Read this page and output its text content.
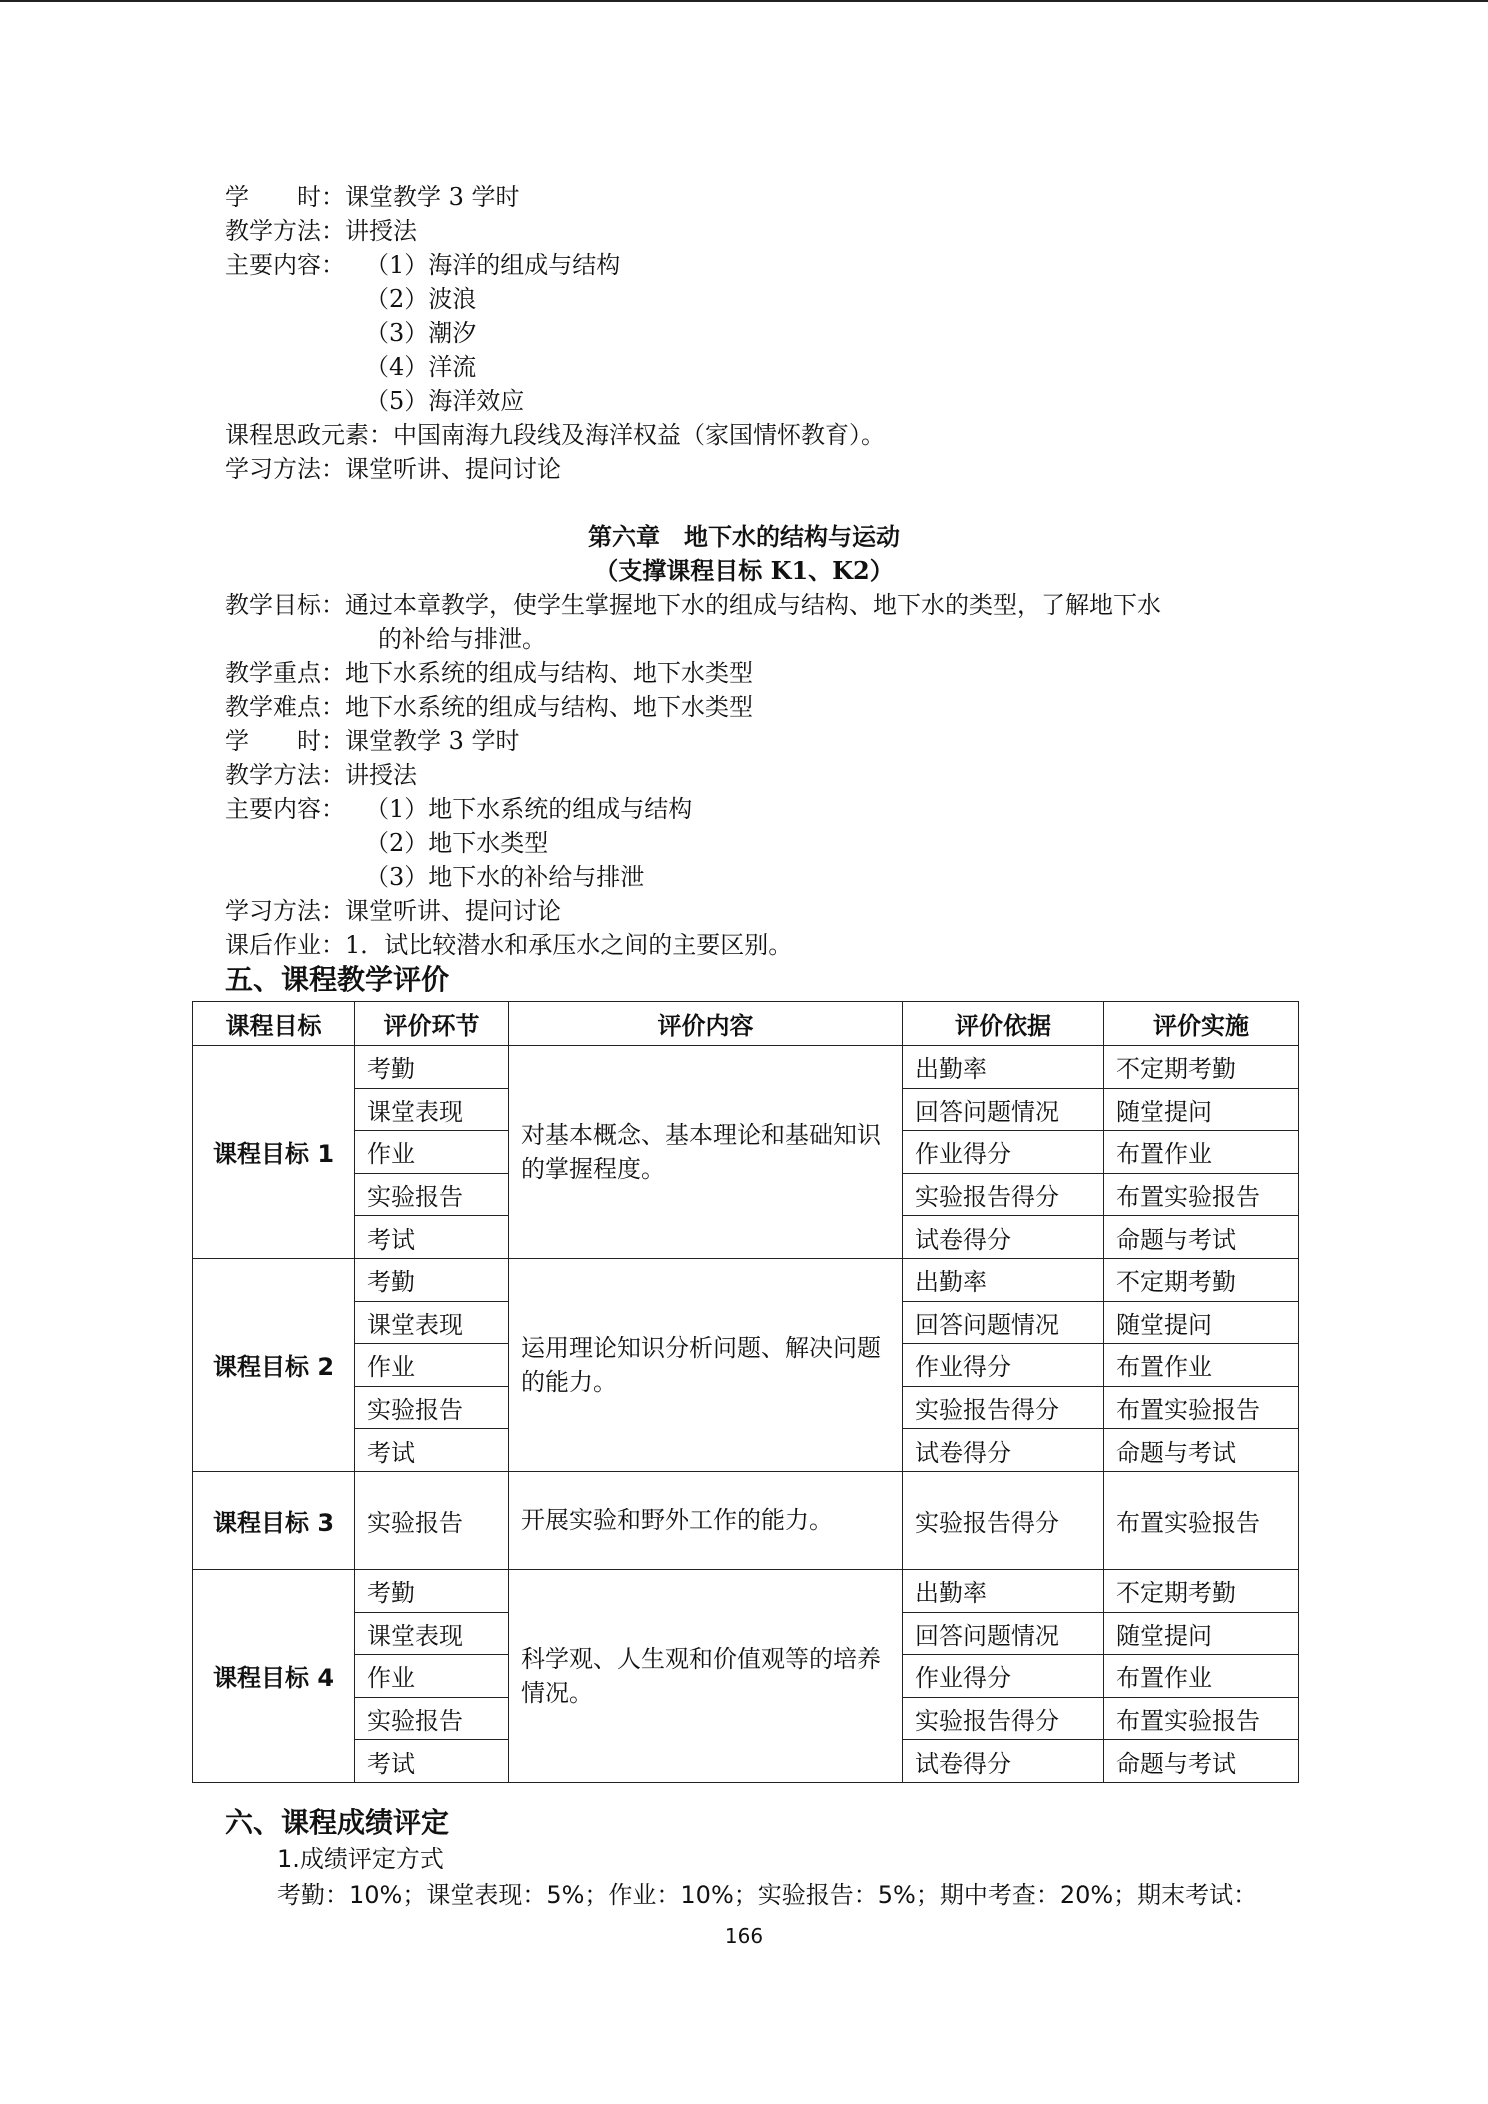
学　　时：课堂教学 3 学时
教学方法：讲授法
主要内容： （1）海洋的组成与结构
（2）波浪
（3）潮汐
（4）洋流
（5）海洋效应
课程思政元素：中国南海九段线及海洋权益（家国情怀教育）。
学习方法：课堂听讲、提问讨论
第六章　地下水的结构与运动
（支撑课程目标 K1、K2）
教学目标：通过本章教学，使学生掌握地下水的组成与结构、地下水的类型，了解地下水
的补给与排泄。
教学重点：地下水系统的组成与结构、地下水类型
教学难点：地下水系统的组成与结构、地下水类型
学　　时：课堂教学 3 学时
教学方法：讲授法
主要内容： （1）地下水系统的组成与结构
（2）地下水类型
（3）地下水的补给与排泄
学习方法：课堂听讲、提问讨论
课后作业：1．试比较潜水和承压水之间的主要区别。
五、课程教学评价
课程目标	评价环节	评价内容	评价依据	评价实施
课程目标 1	考勤	对基本概念、基本理论和基础知识的掌握程度。	出勤率	不定期考勤
	课堂表现		回答问题情况	随堂提问
	作业		作业得分	布置作业
	实验报告		实验报告得分	布置实验报告
	考试		试卷得分	命题与考试
课程目标 2	考勤	运用理论知识分析问题、解决问题的能力。	出勤率	不定期考勤
	课堂表现		回答问题情况	随堂提问
	作业		作业得分	布置作业
	实验报告		实验报告得分	布置实验报告
	考试		试卷得分	命题与考试
课程目标 3	实验报告	开展实验和野外工作的能力。	实验报告得分	布置实验报告
课程目标 4	考勤	科学观、人生观和价值观等的培养情况。	出勤率	不定期考勤
	课堂表现		回答问题情况	随堂提问
	作业		作业得分	布置作业
	实验报告		实验报告得分	布置实验报告
	考试		试卷得分	命题与考试
六、课程成绩评定
1.成绩评定方式
考勤：10%；课堂表现：5%；作业：10%；实验报告：5%；期中考查：20%；期末考试：
166
